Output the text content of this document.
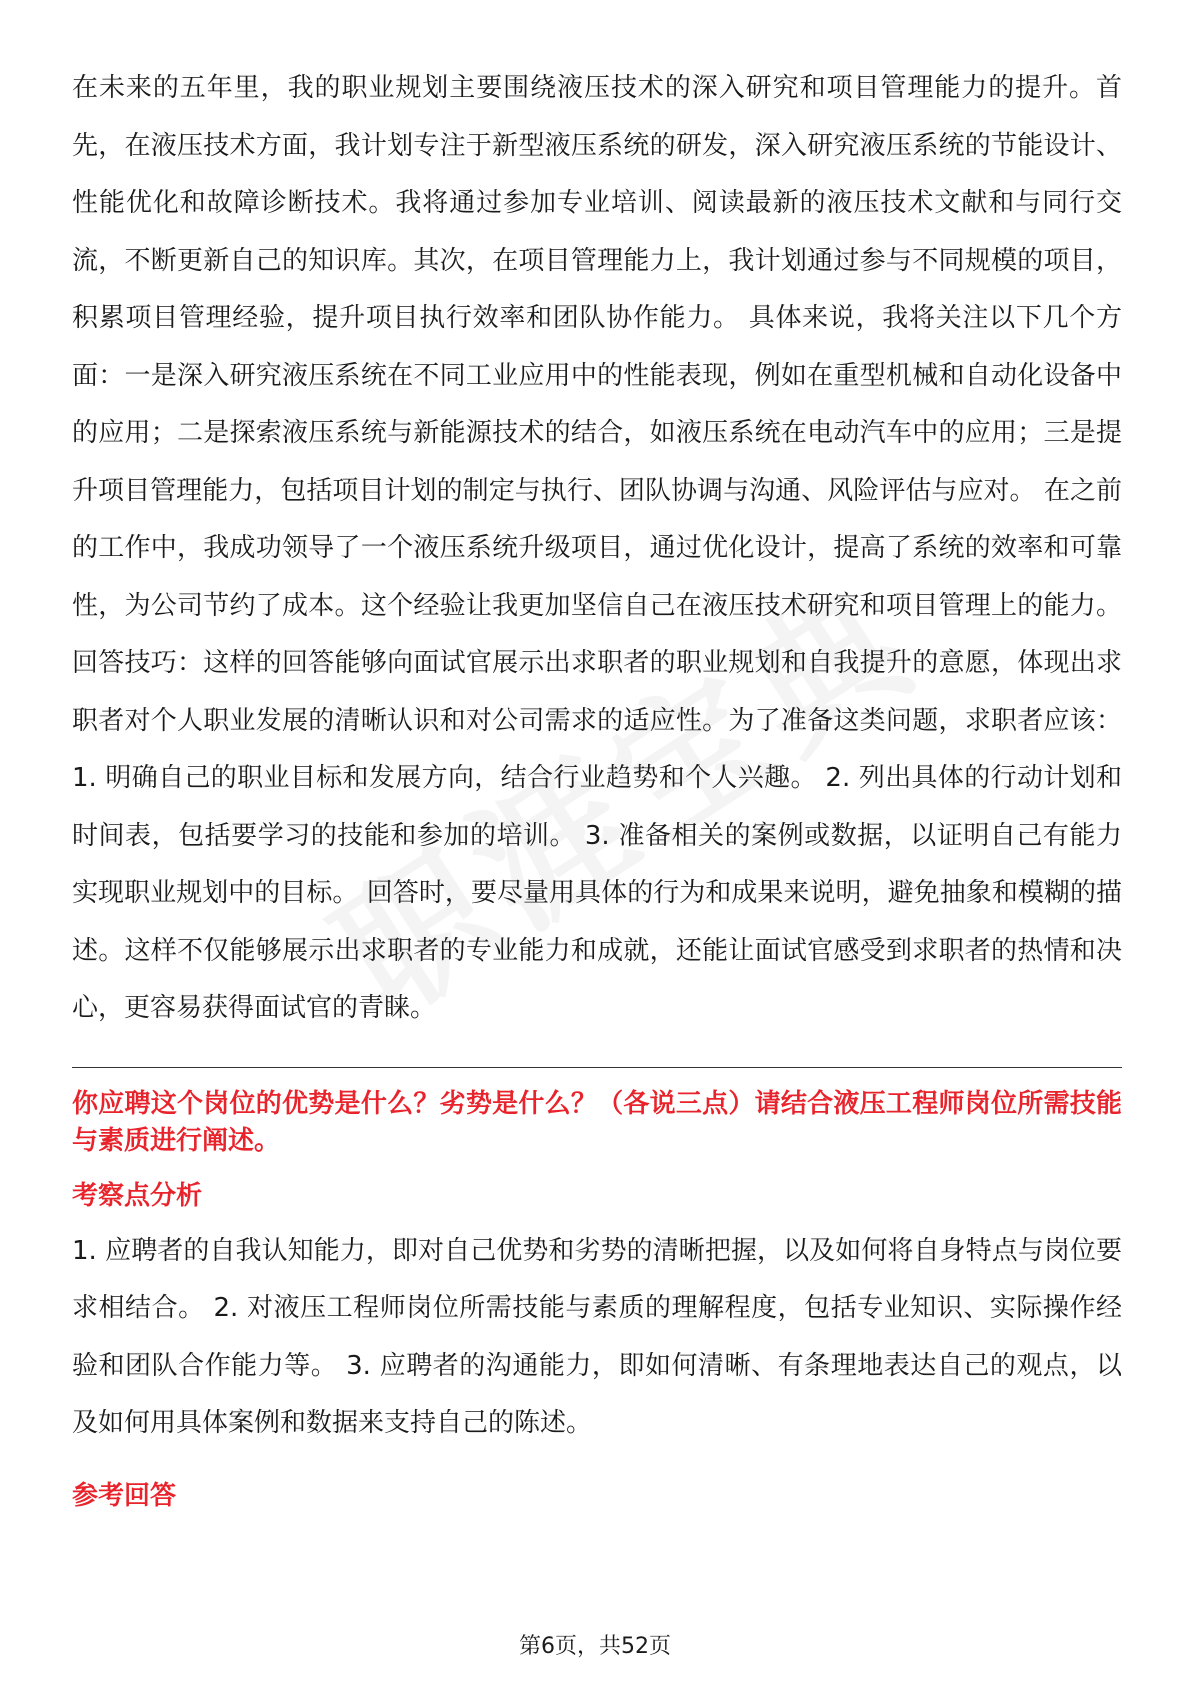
在未来的五年里，我的职业规划主要围绕液压技术的深入研究和项目管理能力的提升。首先，在液压技术方面，我计划专注于新型液压系统的研发，深入研究液压系统的节能设计、性能优化和故障诊断技术。我将通过参加专业培训、阅读最新的液压技术文献和与同行交流，不断更新自己的知识库。其次，在项目管理能力上，我计划通过参与不同规模的项目，积累项目管理经验，提升项目执行效率和团队协作能力。 具体来说，我将关注以下几个方面：一是深入研究液压系统在不同工业应用中的性能表现，例如在重型机械和自动化设备中的应用；二是探索液压系统与新能源技术的结合，如液压系统在电动汽车中的应用；三是提升项目管理能力，包括项目计划的制定与执行、团队协调与沟通、风险评估与应对。 在之前的工作中，我成功领导了一个液压系统升级项目，通过优化设计，提高了系统的效率和可靠性，为公司节约了成本。这个经验让我更加坚信自己在液压技术研究和项目管理上的能力。 回答技巧：这样的回答能够向面试官展示出求职者的职业规划和自我提升的意愿，体现出求职者对个人职业发展的清晰认识和对公司需求的适应性。为了准备这类问题，求职者应该： 1. 明确自己的职业目标和发展方向，结合行业趋势和个人兴趣。 2. 列出具体的行动计划和时间表，包括要学习的技能和参加的培训。 3. 准备相关的案例或数据，以证明自己有能力实现职业规划中的目标。 回答时，要尽量用具体的行为和成果来说明，避免抽象和模糊的描述。这样不仅能够展示出求职者的专业能力和成就，还能让面试官感受到求职者的热情和决心，更容易获得面试官的青睐。

你应聘这个岗位的优势是什么？劣势是什么？（各说三点）请结合液压工程师岗位所需技能与素质进行阐述。

考察点分析

1. 应聘者的自我认知能力，即对自己优势和劣势的清晰把握，以及如何将自身特点与岗位要求相结合。 2. 对液压工程师岗位所需技能与素质的理解程度，包括专业知识、实际操作经验和团队合作能力等。 3. 应聘者的沟通能力，即如何清晰、有条理地表达自己的观点，以及如何用具体案例和数据来支持自己的陈述。

参考回答
第6页，共52页
